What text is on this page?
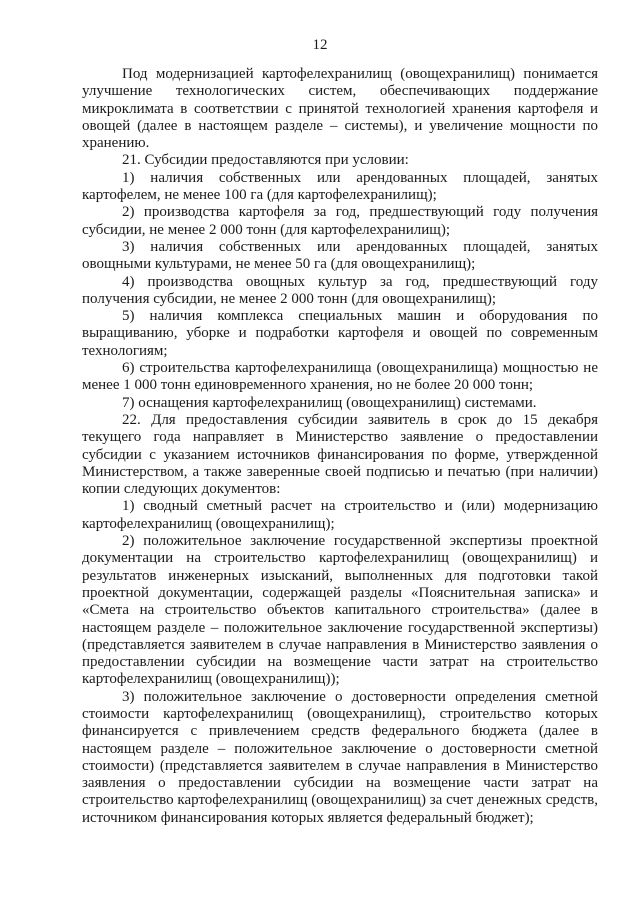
12

Под модернизацией картофелехранилищ (овощехранилищ) понимается улучшение технологических систем, обеспечивающих поддержание микроклимата в соответствии с принятой технологией хранения картофеля и овощей (далее в настоящем разделе – системы), и увеличение мощности по хранению.

21. Субсидии предоставляются при условии:

1) наличия собственных или арендованных площадей, занятых картофелем, не менее 100 га (для картофелехранилищ);

2) производства картофеля за год, предшествующий году получения субсидии, не менее 2 000 тонн (для картофелехранилищ);

3) наличия собственных или арендованных площадей, занятых овощными культурами, не менее 50 га (для овощехранилищ);

4) производства овощных культур за год, предшествующий году получения субсидии, не менее 2 000 тонн (для овощехранилищ);

5) наличия комплекса специальных машин и оборудования по выращиванию, уборке и подработки картофеля и овощей по современным технологиям;

6) строительства картофелехранилища (овощехранилища) мощностью не менее 1 000 тонн единовременного хранения, но не более 20 000 тонн;

7) оснащения картофелехранилищ (овощехранилищ) системами.

22. Для предоставления субсидии заявитель в срок до 15 декабря текущего года направляет в Министерство заявление о предоставлении субсидии с указанием источников финансирования по форме, утвержденной Министерством, а также заверенные своей подписью и печатью (при наличии) копии следующих документов:

1) сводный сметный расчет на строительство и (или) модернизацию картофелехранилищ (овощехранилищ);

2) положительное заключение государственной экспертизы проектной документации на строительство картофелехранилищ (овощехранилищ) и результатов инженерных изысканий, выполненных для подготовки такой проектной документации, содержащей разделы «Пояснительная записка» и «Смета на строительство объектов капитального строительства» (далее в настоящем разделе – положительное заключение государственной экспертизы) (представляется заявителем в случае направления в Министерство заявления о предоставлении субсидии на возмещение части затрат на строительство картофелехранилищ (овощехранилищ));

3) положительное заключение о достоверности определения сметной стоимости картофелехранилищ (овощехранилищ), строительство которых финансируется с привлечением средств федерального бюджета (далее в настоящем разделе – положительное заключение о достоверности сметной стоимости) (представляется заявителем в случае направления в Министерство заявления о предоставлении субсидии на возмещение части затрат на строительство картофелехранилищ (овощехранилищ) за счет денежных средств, источником финансирования которых является федеральный бюджет);
